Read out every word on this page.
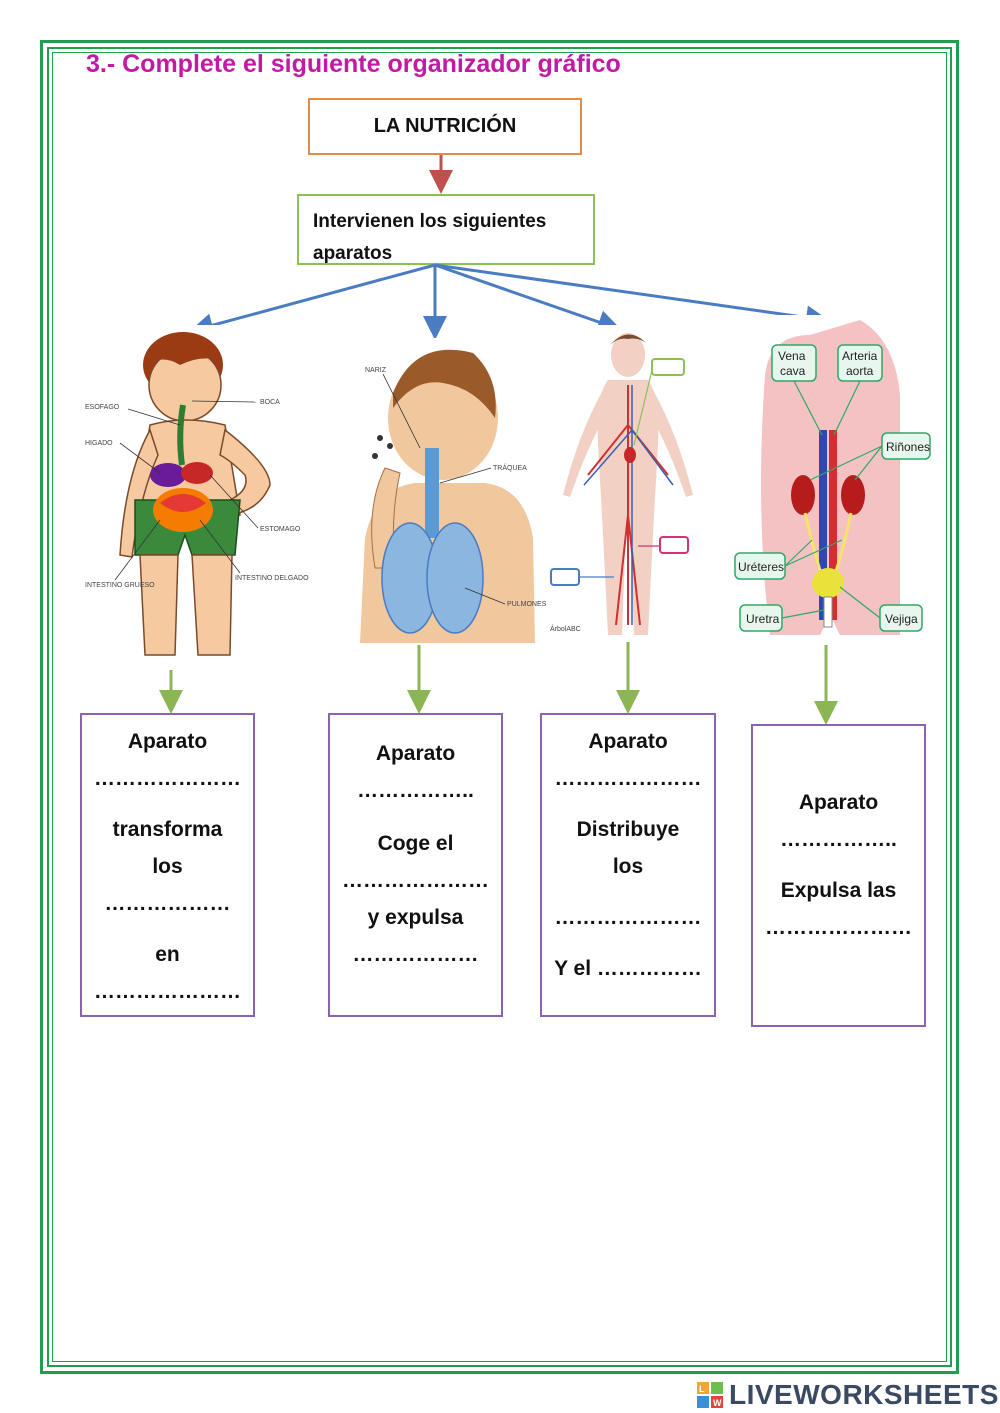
3.- Complete el siguiente organizador gráfico
LA NUTRICIÓN
Intervienen los siguientes aparatos
ESOFAGO
BOCA
HIGADO
ESTOMAGO
INTESTINO GRUESO
INTESTINO DELGADO
NARIZ
TRÁQUEA
PULMONES
ÁrbolABC
Vena
cava
Arteria
aorta
Riñones
Uréteres
Uretra	Vejiga
Aparato
…………………
transforma
los
………………
en
…………………
Aparato
……………..
Coge el
…………………
y expulsa
………………
Aparato
…………………
Distribuye
los
…………………
Y el ……………
Aparato
……………..
Expulsa las
…………………
L
W LIVEWORKSHEETS
